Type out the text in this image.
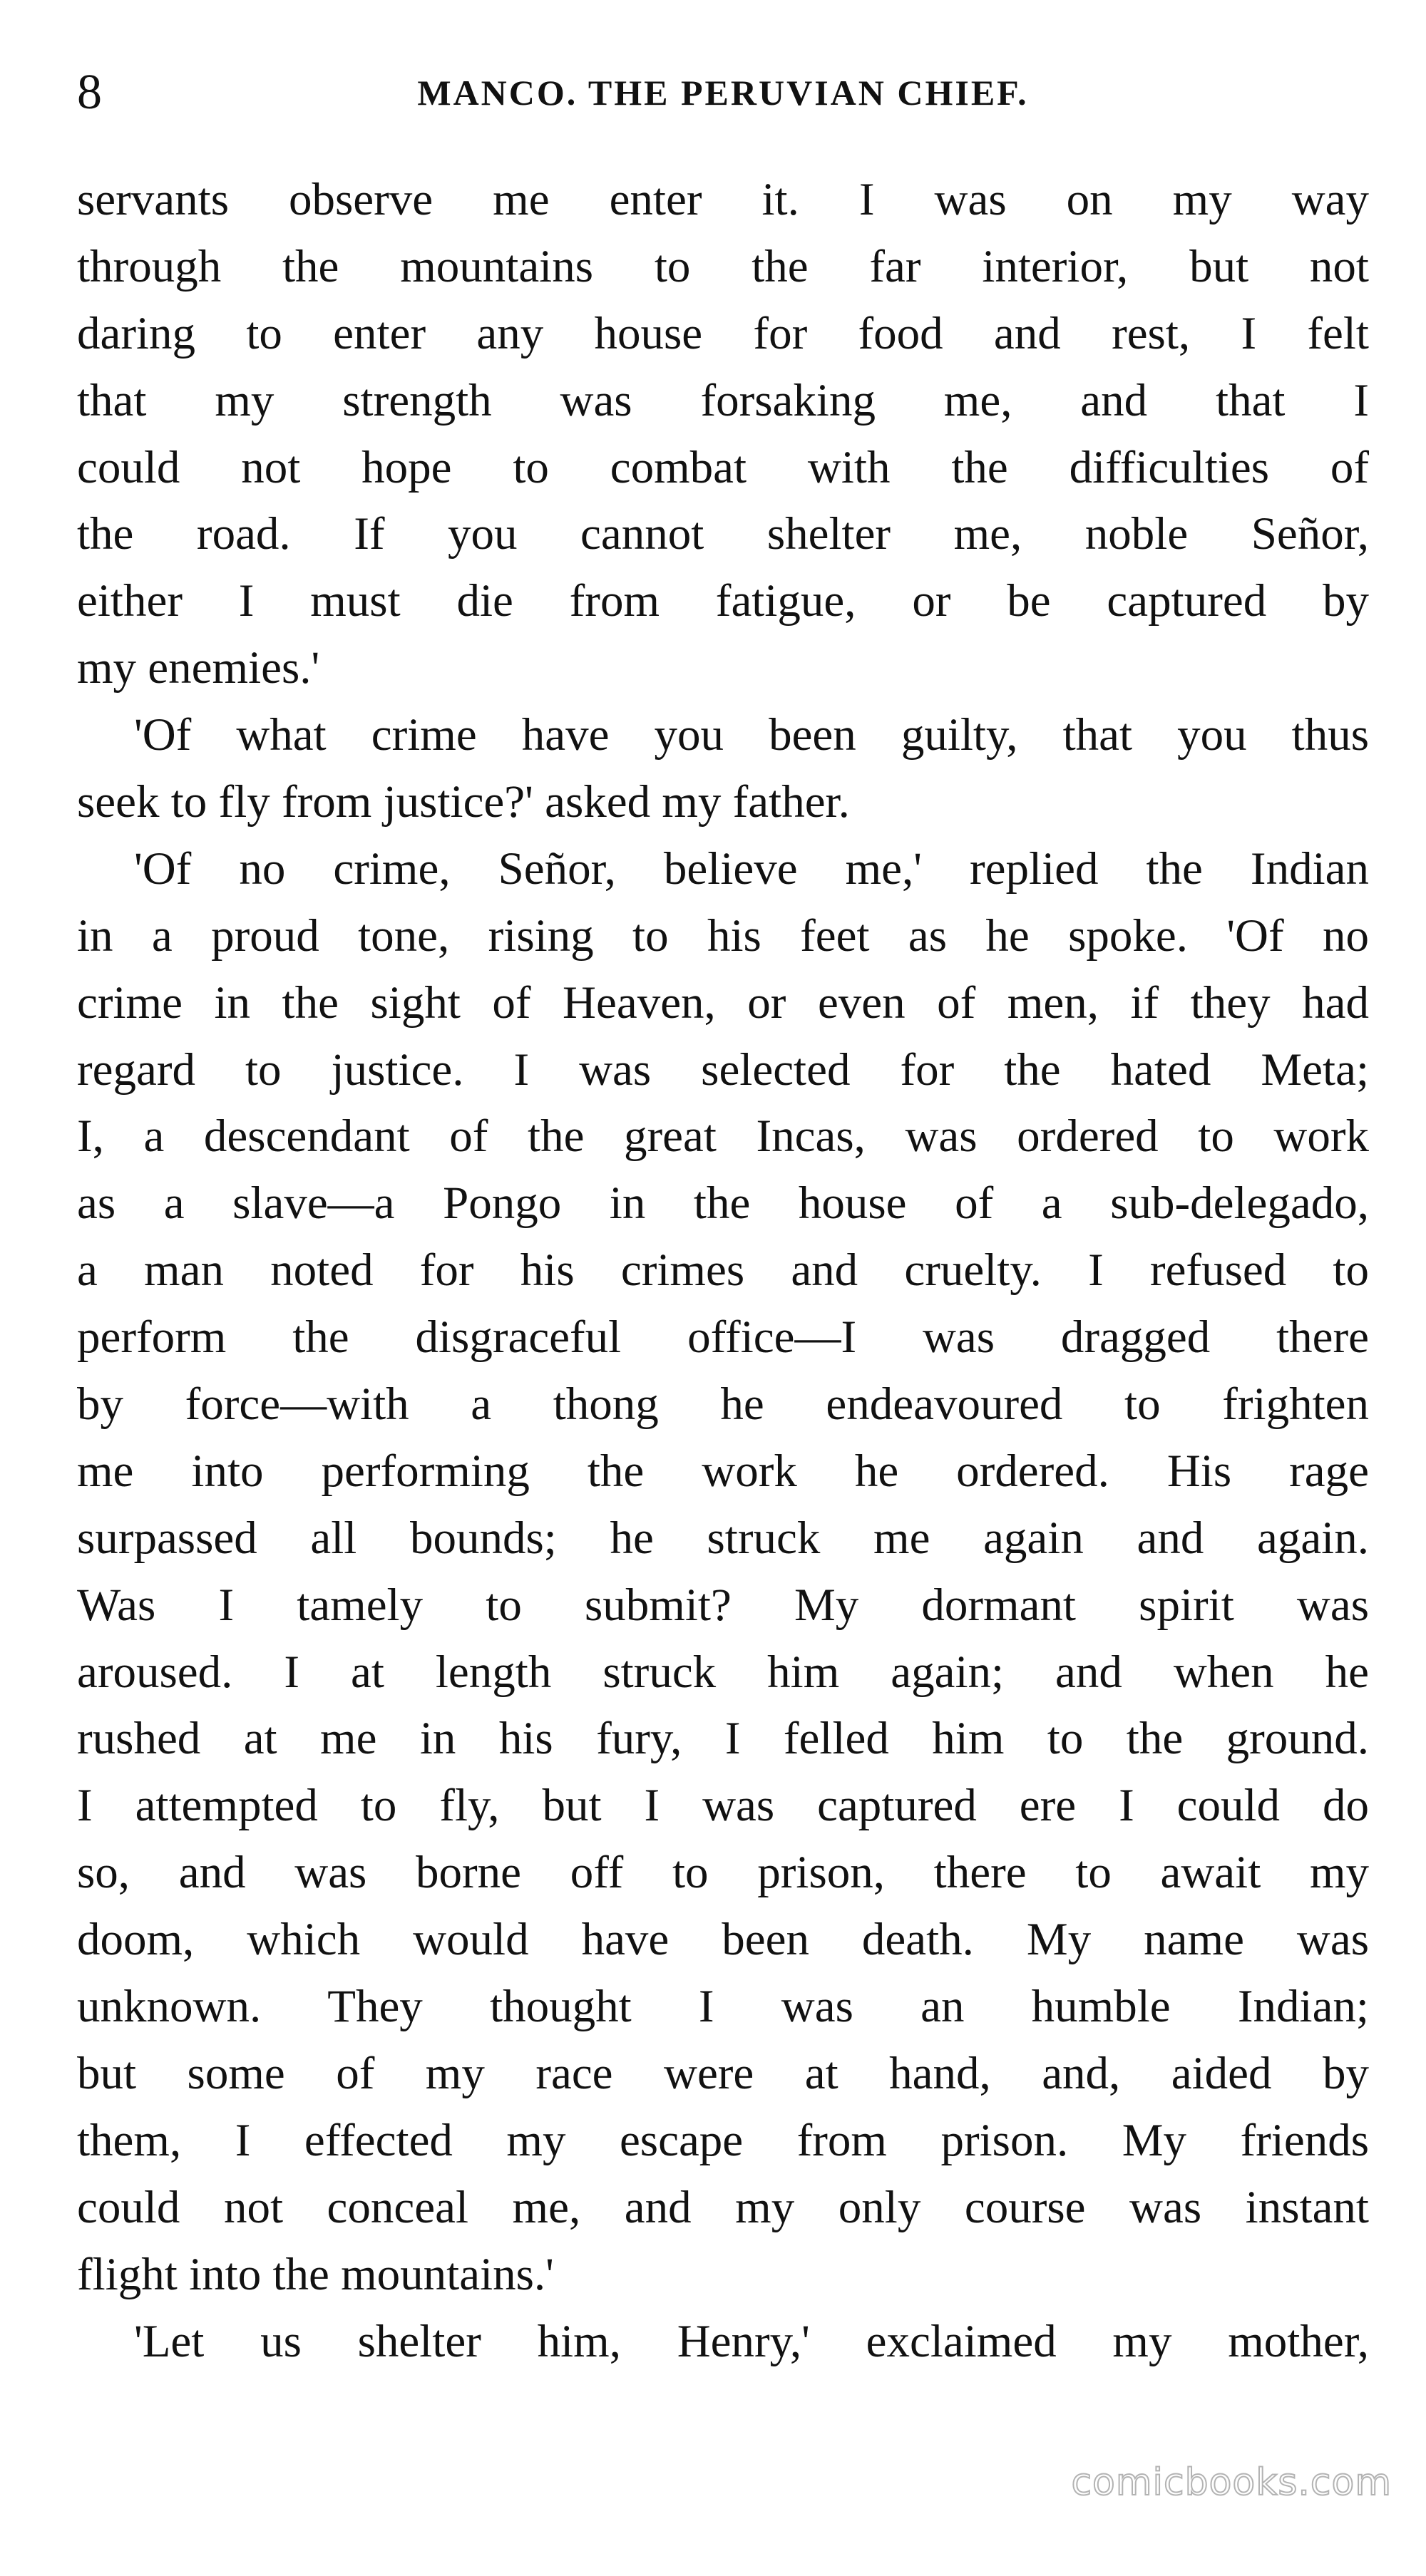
8	MANCO. THE PERUVIAN CHIEF.
servants observe me enter it. I was on my way
through the mountains to the far interior, but not
daring to enter any house for food and rest, I felt
that my strength was forsaking me, and that I
could not hope to combat with the difficulties of
the road. If you cannot shelter me, noble Señor,
either I must die from fatigue, or be captured by
my enemies.'
'Of what crime have you been guilty, that you thus
seek to fly from justice?' asked my father.
'Of no crime, Señor, believe me,' replied the Indian
in a proud tone, rising to his feet as he spoke. 'Of no
crime in the sight of Heaven, or even of men, if they had
regard to justice. I was selected for the hated Meta;
I, a descendant of the great Incas, was ordered to work
as a slave—a Pongo in the house of a sub-delegado,
a man noted for his crimes and cruelty. I refused to
perform the disgraceful office—I was dragged there
by force—with a thong he endeavoured to frighten
me into performing the work he ordered. His rage
surpassed all bounds; he struck me again and again.
Was I tamely to submit? My dormant spirit was
aroused. I at length struck him again; and when he
rushed at me in his fury, I felled him to the ground.
I attempted to fly, but I was captured ere I could do
so, and was borne off to prison, there to await my
doom, which would have been death. My name was
unknown. They thought I was an humble Indian;
but some of my race were at hand, and, aided by
them, I effected my escape from prison. My friends
could not conceal me, and my only course was instant
flight into the mountains.'
'Let us shelter him, Henry,' exclaimed my mother,
comicbooks.com
